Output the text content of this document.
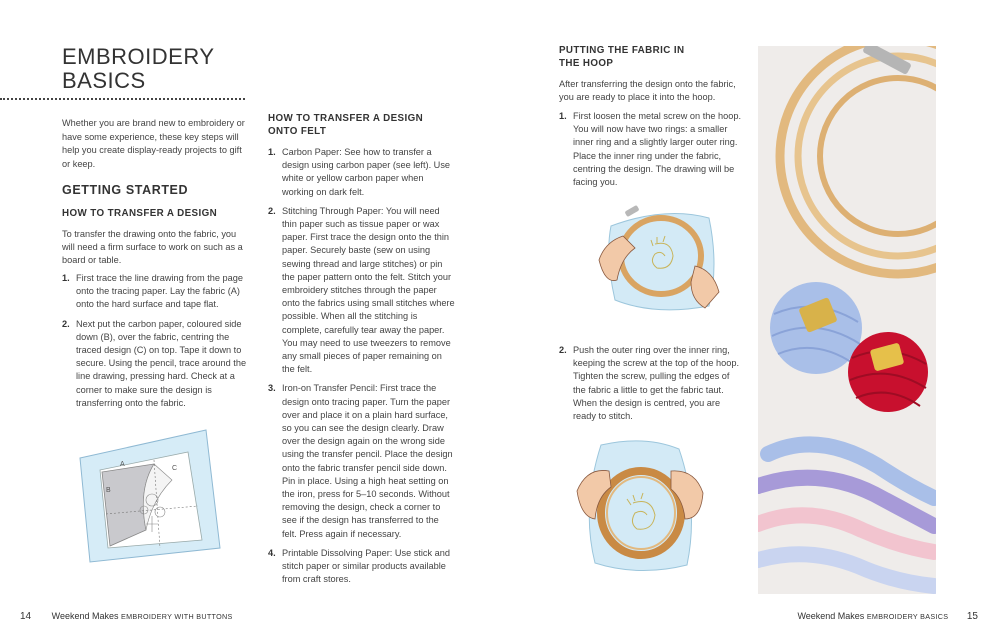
EMBROIDERY
BASICS

Whether you are brand new to embroidery or have some experience, these key steps will help you create display-ready projects to gift or keep.

GETTING STARTED
HOW TO TRANSFER A DESIGN

To transfer the drawing onto the fabric, you will need a firm surface to work on such as a board or table.

1. First trace the line drawing from the page onto the tracing paper. Lay the fabric (A) onto the hard surface and tape flat.
2. Next put the carbon paper, coloured side down (B), over the fabric, centring the traced design (C) on top. Tape it down to secure. Using the pencil, trace around the line drawing, pressing hard. Check at a corner to make sure the design is transferring onto the fabric.
A
B
C
HOW TO TRANSFER A DESIGN
ONTO FELT
1. Carbon Paper: See how to transfer a design using carbon paper (see left). Use white or yellow carbon paper when working on dark felt.
2. Stitching Through Paper: You will need thin paper such as tissue paper or wax paper. First trace the design onto the thin paper. Securely baste (sew on using sewing thread and large stitches) or pin the paper pattern onto the felt. Stitch your embroidery stitches through the paper onto the fabrics using small stitches where possible. When all the stitching is complete, carefully tear away the paper. You may need to use tweezers to remove any small pieces of paper remaining on the felt.
3. Iron-on Transfer Pencil: First trace the design onto tracing paper. Turn the paper over and place it on a plain hard surface, so you can see the design clearly. Draw over the design again on the wrong side using the transfer pencil. Place the design onto the fabric transfer pencil side down. Pin in place. Using a high heat setting on the iron, press for 5–10 seconds. Without removing the design, check a corner to see if the design has transferred to the felt. Press again if necessary.
4. Printable Dissolving Paper: Use stick and stitch paper or similar products available from craft stores.
14 Weekend Makes EMBROIDERY WITH BUTTONS
PUTTING THE FABRIC IN
THE HOOP

After transferring the design onto the fabric, you are ready to place it into the hoop.

1. First loosen the metal screw on the hoop. You will now have two rings: a smaller inner ring and a slightly larger outer ring. Place the inner ring under the fabric, centring the design. The drawing will be facing you.
2. Push the outer ring over the inner ring, keeping the screw at the top of the hoop. Tighten the screw, pulling the edges of the fabric a little to get the fabric taut. When the design is centred, you are ready to stitch.
Weekend Makes EMBROIDERY BASICS 15
